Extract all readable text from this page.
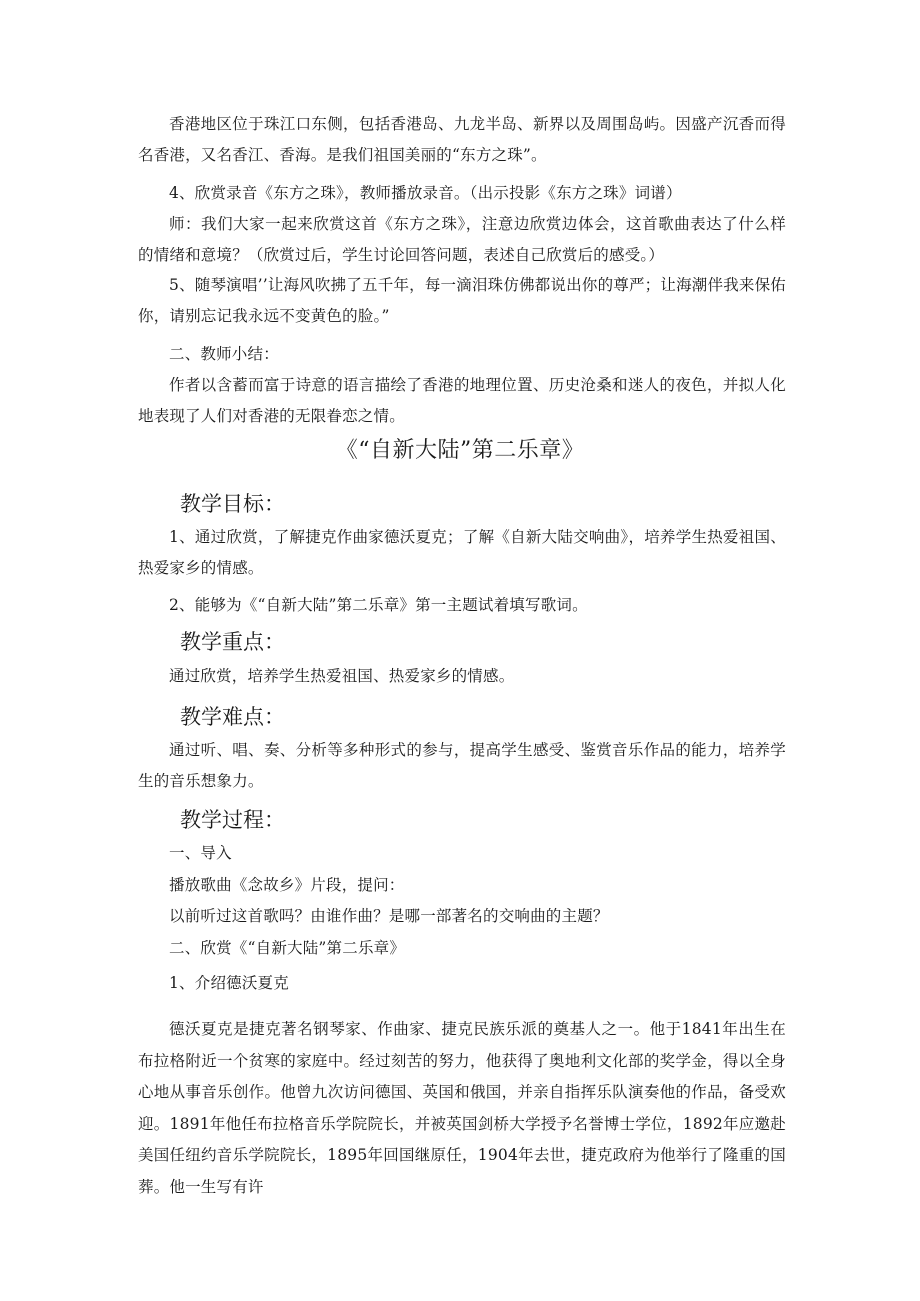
香港地区位于珠江口东侧，包括香港岛、九龙半岛、新界以及周围岛屿。因盛产沉香而得名香港，又名香江、香海。是我们祖国美丽的“东方之珠”。

4、欣赏录音《东方之珠》，教师播放录音。（出示投影《东方之珠》词谱）

师：我们大家一起来欣赏这首《东方之珠》，注意边欣赏边体会，这首歌曲表达了什么样的情绪和意境？（欣赏过后，学生讨论回答问题，表述自己欣赏后的感受。）

5、随琴演唱’’让海风吹拂了五千年，每一滴泪珠仿佛都说出你的尊严；让海潮伴我来保佑你，请别忘记我永远不变黄色的脸。”

二、教师小结：

作者以含蓄而富于诗意的语言描绘了香港的地理位置、历史沧桑和迷人的夜色，并拟人化地表现了人们对香港的无限眷恋之情。

《“自新大陆”第二乐章》
教学目标：

1、通过欣赏，了解捷克作曲家德沃夏克；了解《自新大陆交响曲》，培养学生热爱祖国、热爱家乡的情感。

2、能够为《“自新大陆”第二乐章》第一主题试着填写歌词。

教学重点：

通过欣赏，培养学生热爱祖国、热爱家乡的情感。

教学难点：

通过听、唱、奏、分析等多种形式的参与，提高学生感受、鉴赏音乐作品的能力，培养学生的音乐想象力。

教学过程：

一、导入

播放歌曲《念故乡》片段，提问：

以前听过这首歌吗？由谁作曲？是哪一部著名的交响曲的主题？

二、欣赏《“自新大陆”第二乐章》

1、介绍德沃夏克

德沃夏克是捷克著名钢琴家、作曲家、捷克民族乐派的奠基人之一。他于1841年出生在布拉格附近一个贫寒的家庭中。经过刻苦的努力，他获得了奥地利文化部的奖学金，得以全身心地从事音乐创作。他曾九次访问德国、英国和俄国，并亲自指挥乐队演奏他的作品，备受欢迎。1891年他任布拉格音乐学院院长，并被英国剑桥大学授予名誉博士学位，1892年应邀赴美国任纽约音乐学院院长，1895年回国继原任，1904年去世，捷克政府为他举行了隆重的国葬。他一生写有许
